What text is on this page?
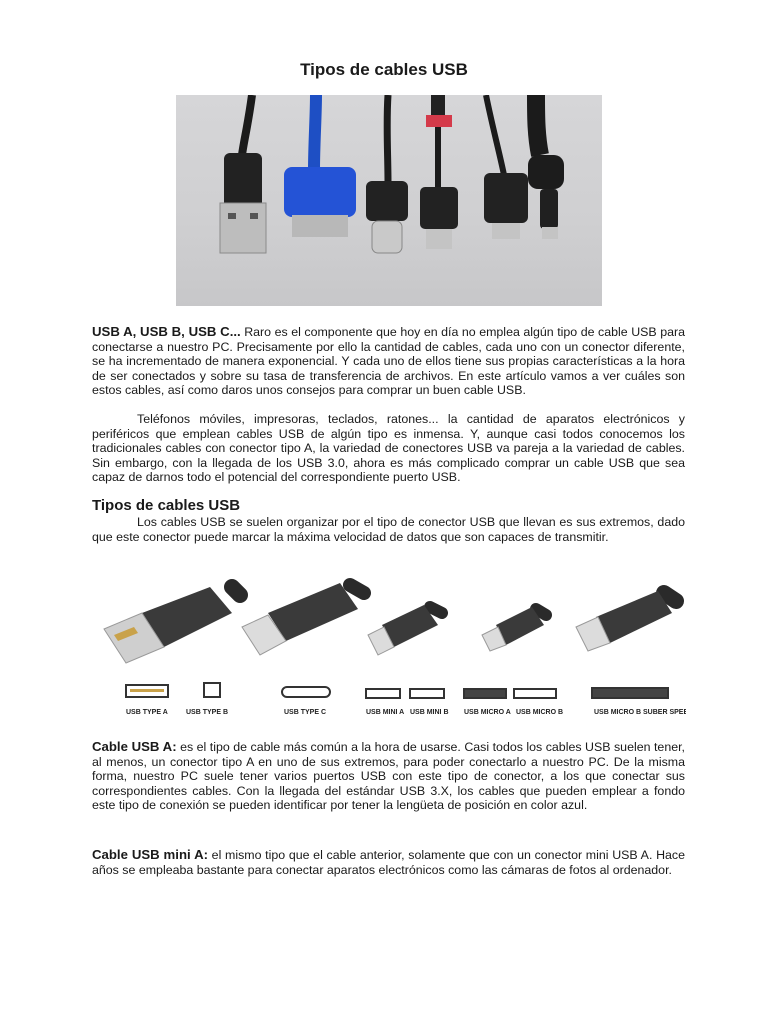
Tipos de cables USB

USB A, USB B, USB C... Raro es el componente que hoy en día no emplea algún tipo de cable USB para conectarse a nuestro PC. Precisamente por ello la cantidad de cables, cada uno con un conector diferente, se ha incrementado de manera exponencial. Y cada uno de ellos tiene sus propias características a la hora de ser conectados y sobre su tasa de transferencia de archivos. En este artículo vamos a ver cuáles son estos cables, así como daros unos consejos para comprar un buen cable USB.

Teléfonos móviles, impresoras, teclados, ratones... la cantidad de aparatos electrónicos y periféricos que emplean cables USB de algún tipo es inmensa. Y, aunque casi todos conocemos los tradicionales cables con conector tipo A, la variedad de conectores USB va pareja a la variedad de cables. Sin embargo, con la llegada de los USB 3.0, ahora es más complicado comprar un cable USB que sea capaz de darnos todo el potencial del correspondiente puerto USB.

Tipos de cables USB

Los cables USB se suelen organizar por el tipo de conector USB que llevan es sus extremos, dado que este conector puede marcar la máxima velocidad de datos que son capaces de transmitir.

USB TYPE A	USB TYPE B	USB TYPE C	USB MINI A USB MINI B USB MICRO A USB MICRO B	USB MICRO B SUBER SPEED

Cable USB A: es el tipo de cable más común a la hora de usarse. Casi todos los cables USB suelen tener, al menos, un conector tipo A en uno de sus extremos, para poder conectarlo a nuestro PC. De la misma forma, nuestro PC suele tener varios puertos USB con este tipo de conector, a los que conectar sus correspondientes cables. Con la llegada del estándar USB 3.X, los cables que pueden emplear a fondo este tipo de conexión se pueden identificar por tener la lengüeta de posición en color azul.

Cable USB mini A: el mismo tipo que el cable anterior, solamente que con un conector mini USB A. Hace años se empleaba bastante para conectar aparatos electrónicos como las cámaras de fotos al ordenador.
